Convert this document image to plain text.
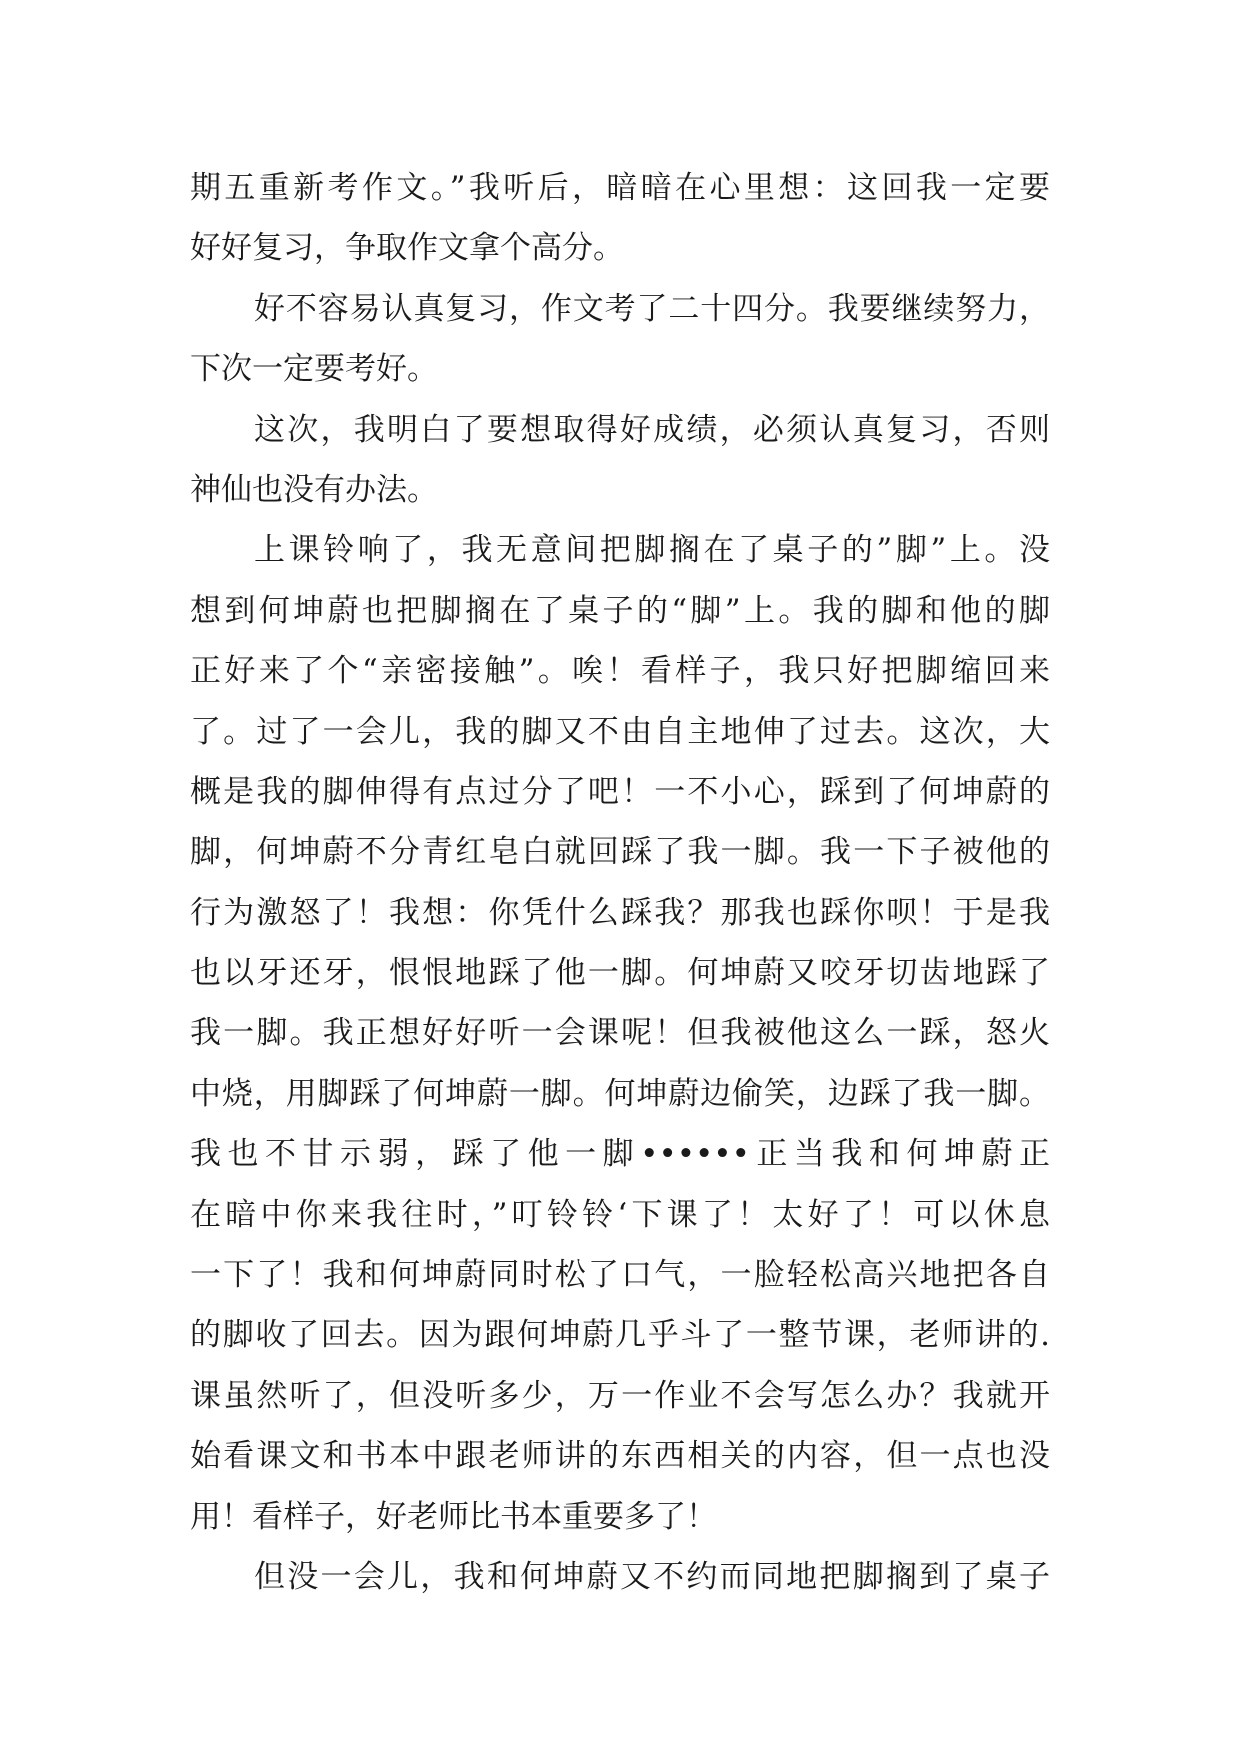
期五重新考作文。”我听后，暗暗在心里想：这回我一定要
好好复习，争取作文拿个高分。
好不容易认真复习，作文考了二十四分。我要继续努力，
下次一定要考好。
这次，我明白了要想取得好成绩，必须认真复习，否则
神仙也没有办法。
上课铃响了，我无意间把脚搁在了桌子的”脚”上。没
想到何坤蔚也把脚搁在了桌子的“脚”上。我的脚和他的脚
正好来了个“亲密接触”。唉！看样子，我只好把脚缩回来
了。过了一会儿，我的脚又不由自主地伸了过去。这次，大
概是我的脚伸得有点过分了吧！一不小心，踩到了何坤蔚的
脚，何坤蔚不分青红皂白就回踩了我一脚。我一下子被他的
行为激怒了！我想：你凭什么踩我？那我也踩你呗！于是我
也以牙还牙，恨恨地踩了他一脚。何坤蔚又咬牙切齿地踩了
我一脚。我正想好好听一会课呢！但我被他这么一踩，怒火
中烧，用脚踩了何坤蔚一脚。何坤蔚边偷笑，边踩了我一脚。
我也不甘示弱，踩了他一脚••••••正当我和何坤蔚正
在暗中你来我往时，”叮铃铃‘下课了！太好了！可以休息
一下了！我和何坤蔚同时松了口气，一脸轻松高兴地把各自
的脚收了回去。因为跟何坤蔚几乎斗了一整节课，老师讲的.
课虽然听了，但没听多少，万一作业不会写怎么办？我就开
始看课文和书本中跟老师讲的东西相关的内容，但一点也没
用！看样子，好老师比书本重要多了！
但没一会儿，我和何坤蔚又不约而同地把脚搁到了桌子
